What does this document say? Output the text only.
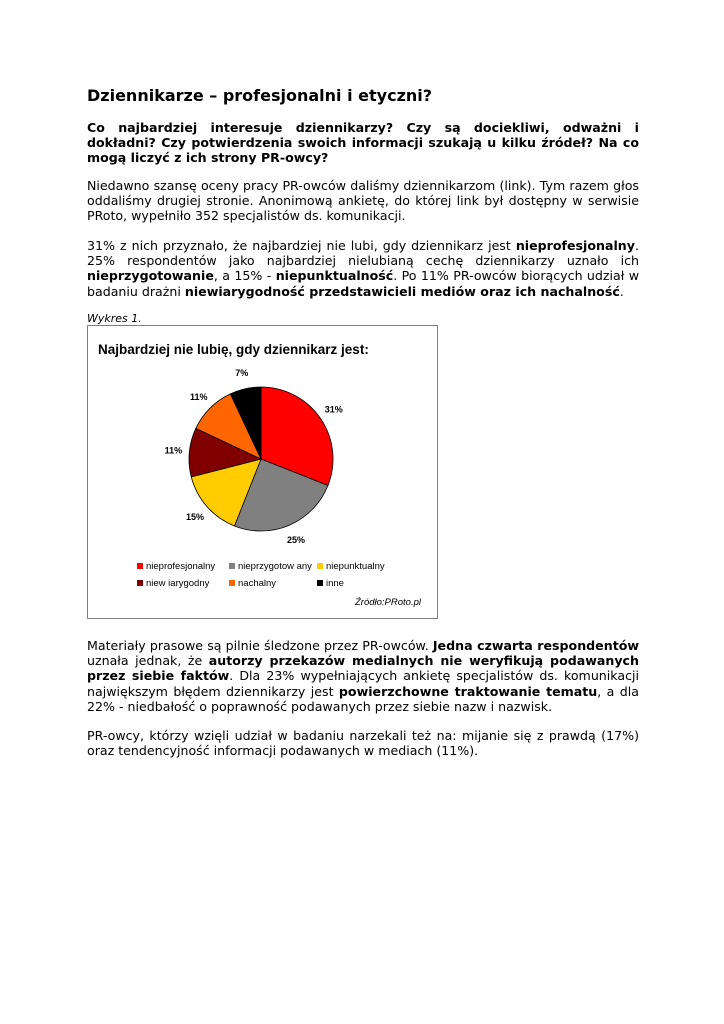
Dziennikarze – profesjonalni i etyczni?

Co najbardziej interesuje dziennikarzy? Czy są dociekliwi, odważni i dokładni? Czy potwierdzenia swoich informacji szukają u kilku źródeł? Na co mogą liczyć z ich strony PR-owcy?

Niedawno szansę oceny pracy PR-owców daliśmy dziennikarzom (link). Tym razem głos oddaliśmy drugiej stronie. Anonimową ankietę, do której link był dostępny w serwisie PRoto, wypełniło 352 specjalistów ds. komunikacji.

31% z nich przyznało, że najbardziej nie lubi, gdy dziennikarz jest nieprofesjonalny. 25% respondentów jako najbardziej nielubianą cechę dziennikarzy uznało ich nieprzygotowanie, a 15% - niepunktualność. Po 11% PR-owców biorących udział w badaniu drażni niewiarygodność przedstawicieli mediów oraz ich nachalność.

Wykres 1.
Najbardziej nie lubię, gdy dziennikarz jest:
31%
25%
15%
11%
11%
7%
nieprofesjonalny	nieprzygotow any	niepunktualny
niew iarygodny	nachalny	inne
Źródło:PRoto.pl

Materiały prasowe są pilnie śledzone przez PR-owców. Jedna czwarta respondentów uznała jednak, że autorzy przekazów medialnych nie weryfikują podawanych przez siebie faktów. Dla 23% wypełniających ankietę specjalistów ds. komunikacji największym błędem dziennikarzy jest powierzchowne traktowanie tematu, a dla 22% - niedbałość o poprawność podawanych przez siebie nazw i nazwisk.

PR-owcy, którzy wzięli udział w badaniu narzekali też na: mijanie się z prawdą (17%) oraz tendencyjność informacji podawanych w mediach (11%).
